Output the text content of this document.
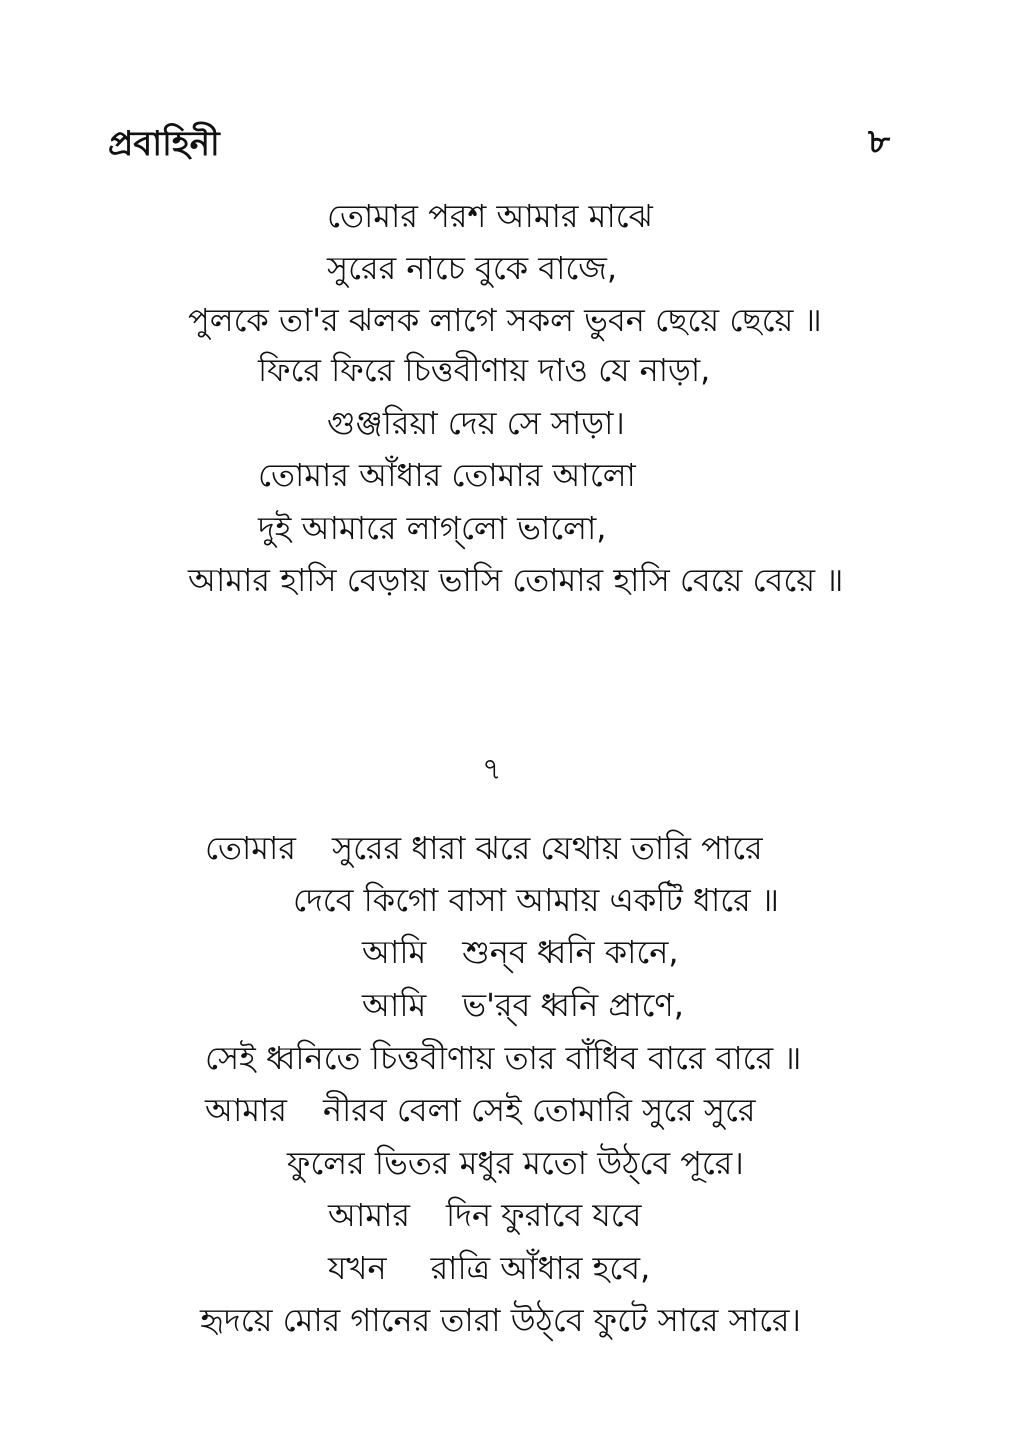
প্রবাহিনী	৮
তোমার পরশ আমার মাঝে
সুরের নাচে বুকে বাজে,
পুলকে তা'র ঝলক লাগে সকল ভুবন ছেয়ে ছেয়ে ॥
ফিরে ফিরে চিত্তবীণায় দাও যে নাড়া,
গুঞ্জরিয়া দেয় সে সাড়া।
তোমার আঁধার তোমার আলো
দুই আমারে লাগ্‌লো ভালো,
আমার হাসি বেড়ায় ভাসি তোমার হাসি বেয়ে বেয়ে ॥
৭
তোমার সুরের ধারা ঝরে যেথায় তারি পারে
দেবে কিগো বাসা আমায় একটি ধারে ॥
আমি শুন্‌ব ধ্বনি কানে,
আমি ভ'র্‌ব ধ্বনি প্রাণে,
সেই ধ্বনিতে চিত্তবীণায় তার বাঁধিব বারে বারে ॥
আমার নীরব বেলা সেই তোমারি সুরে সুরে
ফুলের ভিতর মধুর মতো উঠ্‌বে পূরে।
আমার দিন ফুরাবে যবে
যখন রাত্রি আঁধার হবে,
হৃদয়ে মোর গানের তারা উঠ্‌বে ফুটে সারে সারে।
